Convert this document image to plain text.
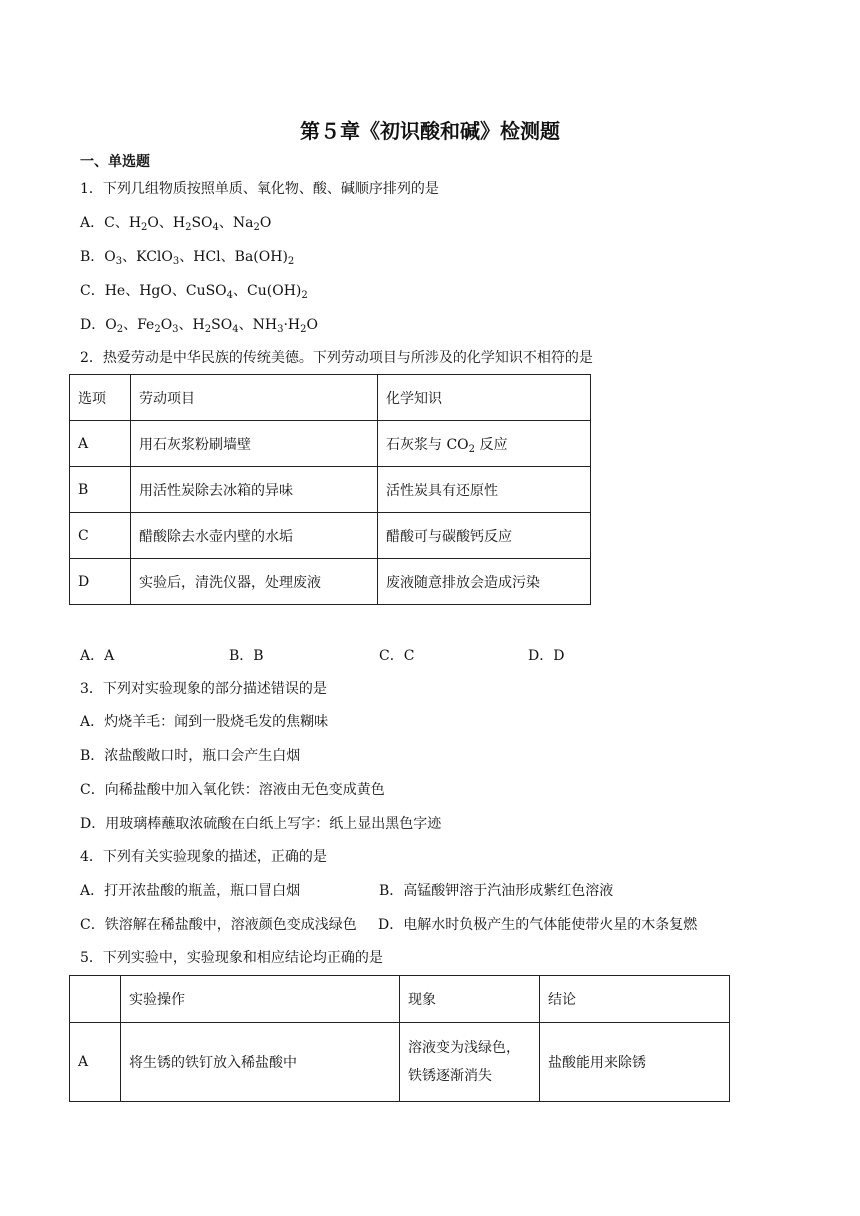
第５章《初识酸和碱》检测题
一、单选题
1．下列几组物质按照单质、氧化物、酸、碱顺序排列的是
A．C、$H_2O$、$H_2SO_4$、$Na_2O$
B．$O_3$、KClO$_3$、HCl、$Ba(OH)_2$
C．He、HgO、CuSO$_4$、$Cu(OH)_2$
D．$O_2$、$Fe_2O_3$、$H_2SO_4$、$NH_3\cdot H_2O$
2．热爱劳动是中华民族的传统美德。下列劳动项目与所涉及的化学知识不相符的是
选项	劳动项目	化学知识
A	用石灰浆粉刷墙壁	石灰浆与 $CO_2$ 反应
B	用活性炭除去冰箱的异味	活性炭具有还原性
C	醋酸除去水壶内壁的水垢	醋酸可与碳酸钙反应
D	实验后，清洗仪器，处理废液	废液随意排放会造成污染
A．A	B．B	C．C	D．D
3．下列对实验现象的部分描述错误的是
A．灼烧羊毛：闻到一股烧毛发的焦糊味
B．浓盐酸敞口时，瓶口会产生白烟
C．向稀盐酸中加入氧化铁：溶液由无色变成黄色
D．用玻璃棒蘸取浓硫酸在白纸上写字：纸上显出黑色字迹
4．下列有关实验现象的描述，正确的是
A．打开浓盐酸的瓶盖，瓶口冒白烟	B．高锰酸钾溶于汽油形成紫红色溶液
C．铁溶解在稀盐酸中，溶液颜色变成浅绿色 D．电解水时负极产生的气体能使带火星的木条复燃
5．下列实验中，实验现象和相应结论均正确的是
	实验操作	现象	结论
A	将生锈的铁钉放入稀盐酸中	溶液变为浅绿色，
铁锈逐渐消失	盐酸能用来除锈
